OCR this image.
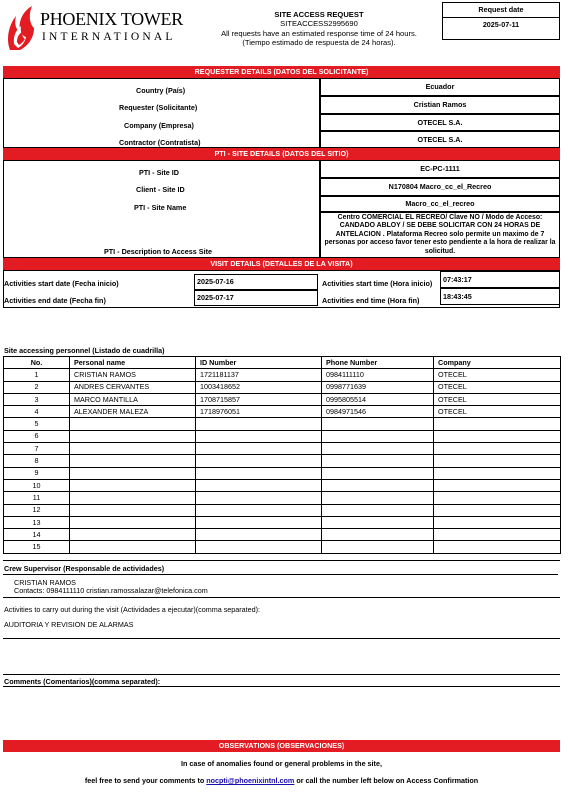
PHOENIX TOWER
INTERNATIONAL
SITE ACCESS REQUEST
SITEACCESS2995690
All requests have an estimated response time of 24 hours.
(Tiempo estimado de respuesta de 24 horas).
Request date
2025-07-11
REQUESTER DETAILS (DATOS DEL SOLICITANTE)
Country (País)	Ecuador
Requester (Solicitante)	Cristian Ramos
Company (Empresa)	OTECEL S.A.
Contractor (Contratista)	OTECEL S.A.
PTI - SITE DETAILS (DATOS DEL SITIO)
PTI - Site ID	EC-PC-1111
Client - Site ID	N170804 Macro_cc_el_Recreo
PTI - Site Name	Macro_cc_el_recreo
PTI - Description to Access Site
Centro COMERCIAL EL RECREO/ Clave NO / Modo de Acceso: CANDADO ABLOY / SE DEBE SOLICITAR CON 24 HORAS DE ANTELACION . Plataforma Recreo solo permite un maximo de 7 personas por acceso favor tener esto pendiente a la hora de realizar la solicitud.
VISIT DETAILS (DETALLES DE LA VISITA)
Activities start date (Fecha inicio)	2025-07-16
Activities end date (Fecha fin)	2025-07-17
Activities start time (Hora inicio)	07:43:17
Activities end time (Hora fin)	18:43:45
Site accessing personnel (Listado de cuadrilla)
No.	Personal name	ID Number	Phone Number	Company
1	CRISTIAN RAMOS	1721181137	0984111110	OTECEL
2	ANDRES CERVANTES	1003418652	0998771639	OTECEL
3	MARCO MANTILLA	1708715857	0995805514	OTECEL
4	ALEXANDER MALEZA	1718976051	0984971546	OTECEL
5				
6				
7				
8				
9				
10				
11				
12				
13				
14				
15				
Crew Supervisor (Responsable de actividades)
CRISTIAN RAMOS
Contacts: 0984111110 cristian.ramossalazar@telefonica.com
Activities to carry out during the visit (Actividades a ejecutar)(comma separated):
AUDITORIA Y REVISION DE ALARMAS
Comments (Comentarios)(comma separated):
OBSERVATIONS (OBSERVACIONES)
In case of anomalies found or general problems in the site,
feel free to send your comments to nocpti@phoenixintnl.com or call the number left below on Access Confirmation
